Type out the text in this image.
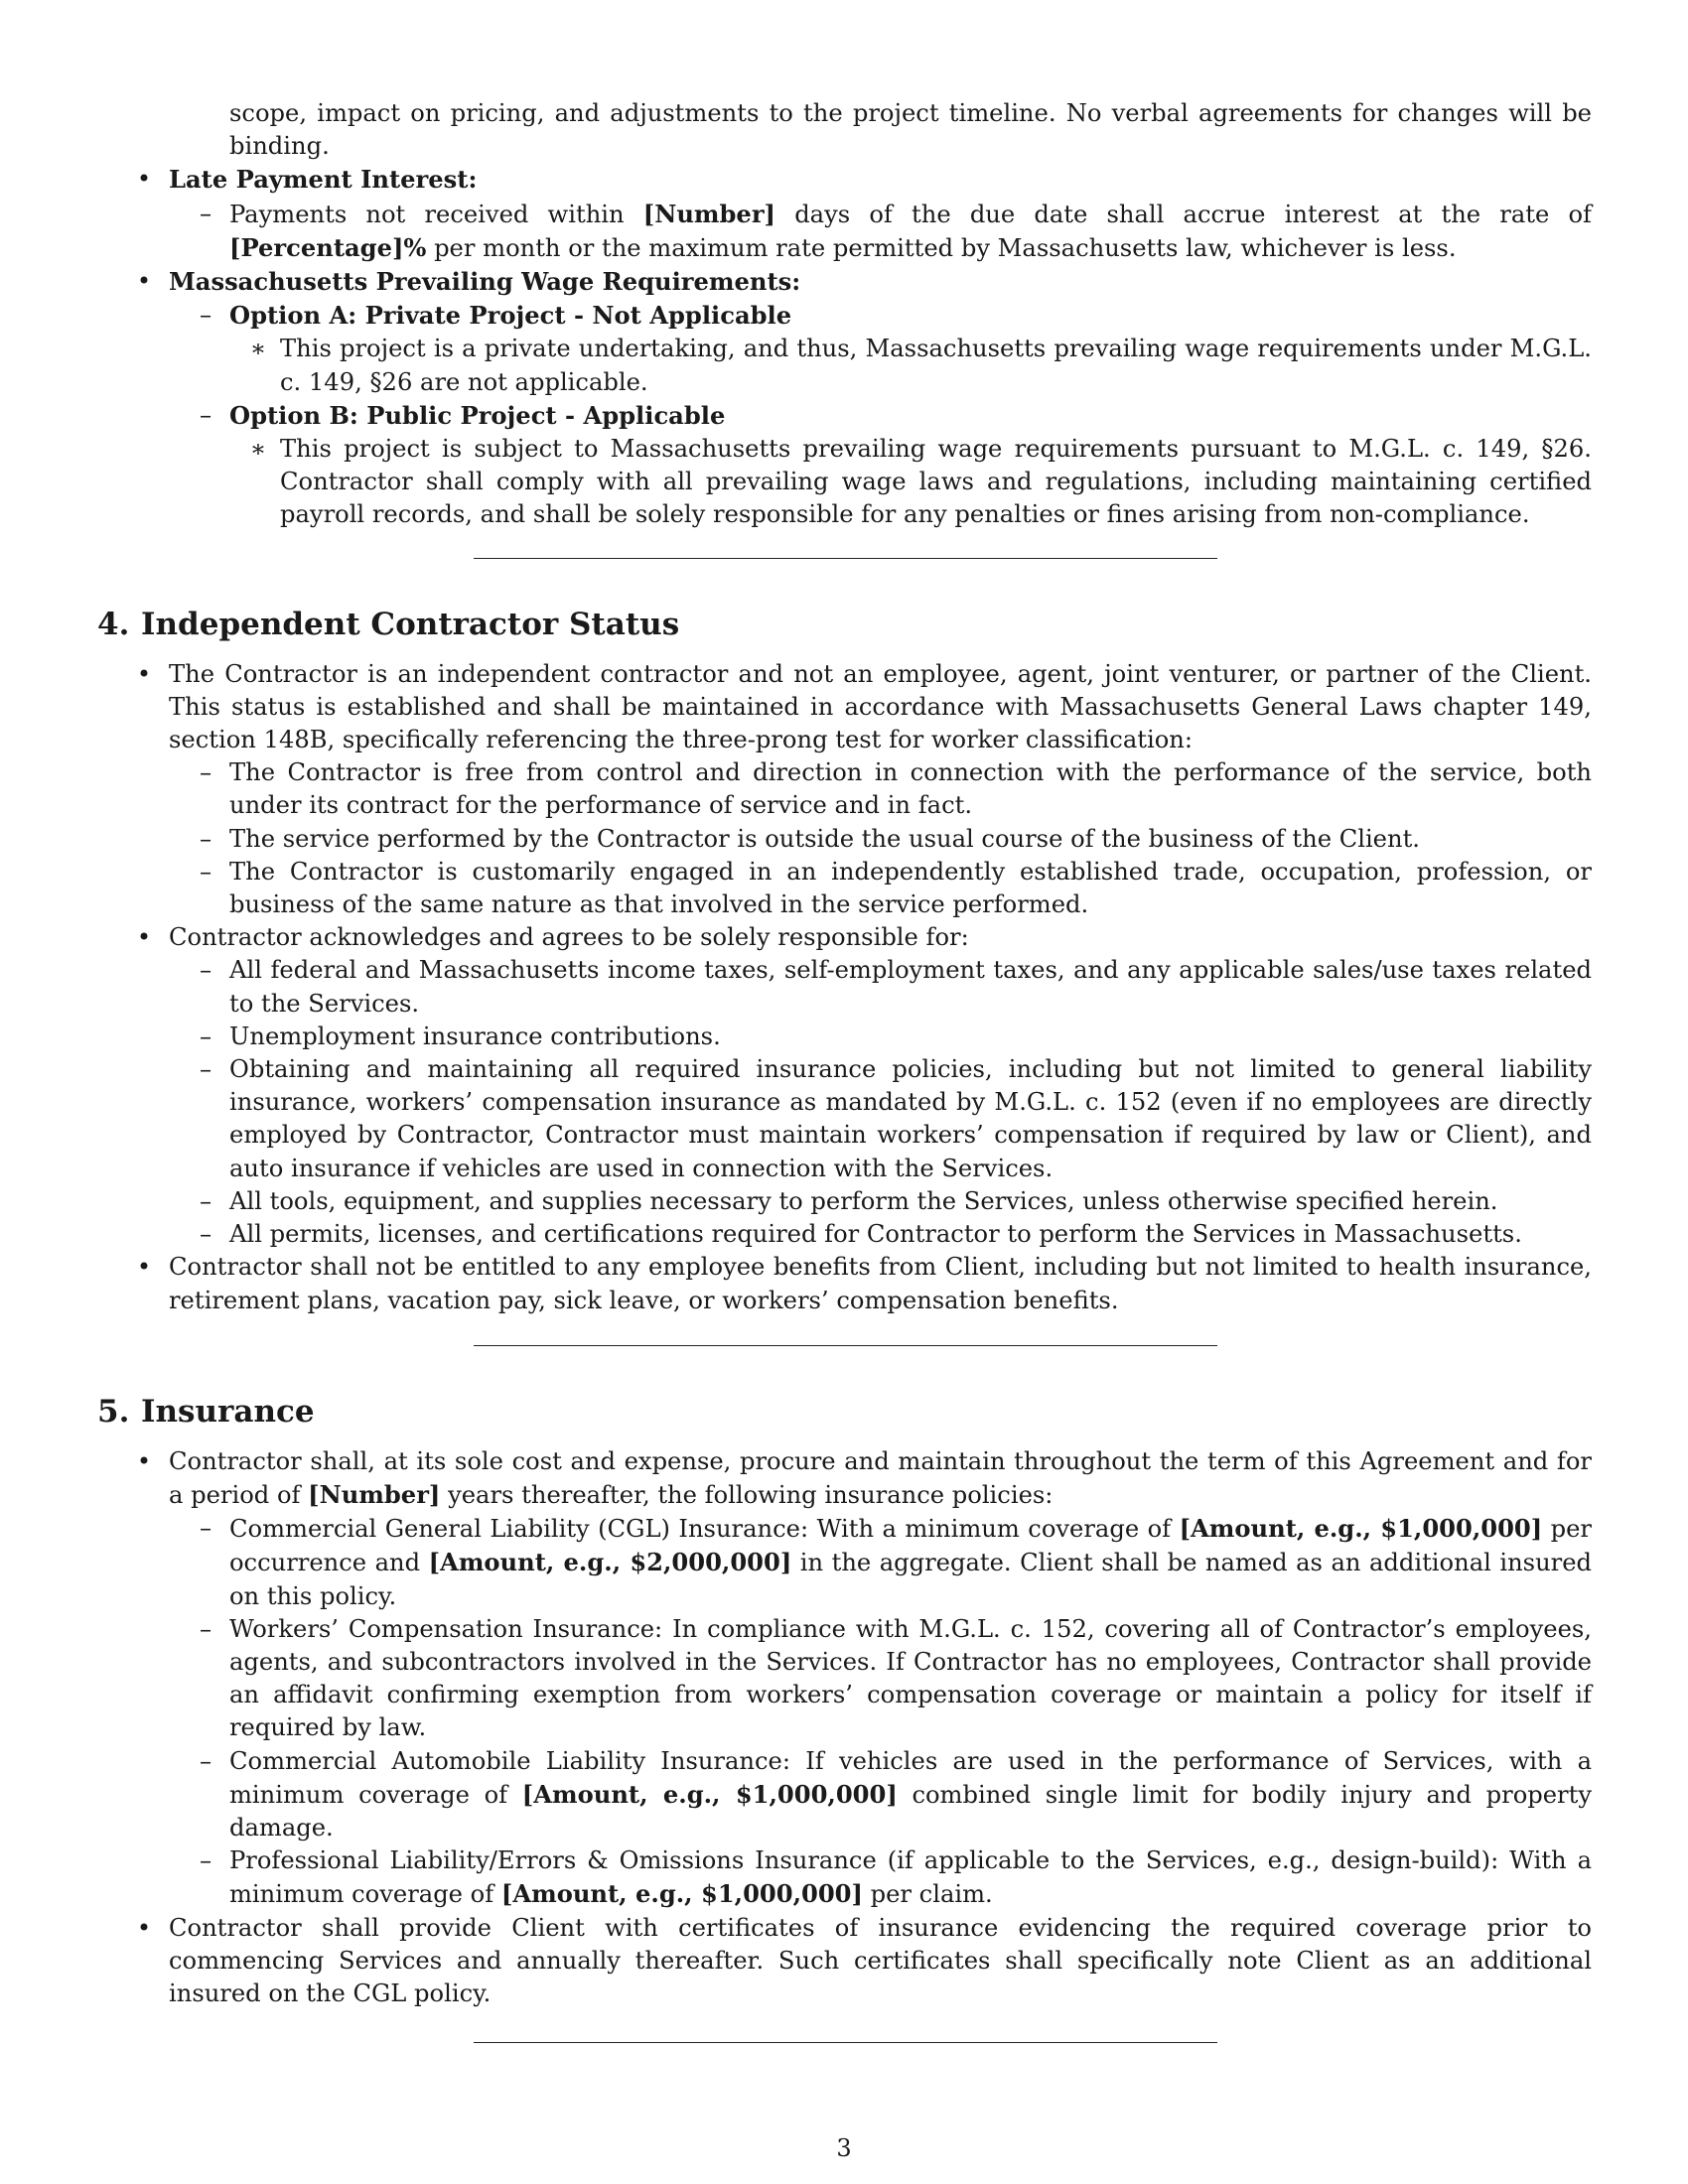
scope, impact on pricing, and adjustments to the project timeline. No verbal agreements for changes will be binding.
• Late Payment Interest:
– Payments not received within [Number] days of the due date shall accrue interest at the rate of [Percentage]% per month or the maximum rate permitted by Massachusetts law, whichever is less.
• Massachusetts Prevailing Wage Requirements:
– Option A: Private Project - Not Applicable
∗ This project is a private undertaking, and thus, Massachusetts prevailing wage requirements under M.G.L. c. 149, §26 are not applicable.
– Option B: Public Project - Applicable
∗ This project is subject to Massachusetts prevailing wage requirements pursuant to M.G.L. c. 149, §26. Contractor shall comply with all prevailing wage laws and regulations, including maintaining certified payroll records, and shall be solely responsible for any penalties or fines arising from non-compliance.
4. Independent Contractor Status
• The Contractor is an independent contractor and not an employee, agent, joint venturer, or partner of the Client. This status is established and shall be maintained in accordance with Massachusetts General Laws chapter 149, section 148B, specifically referencing the three-prong test for worker classification:
– The Contractor is free from control and direction in connection with the performance of the service, both under its contract for the performance of service and in fact.
– The service performed by the Contractor is outside the usual course of the business of the Client.
– The Contractor is customarily engaged in an independently established trade, occupation, profession, or business of the same nature as that involved in the service performed.
• Contractor acknowledges and agrees to be solely responsible for:
– All federal and Massachusetts income taxes, self-employment taxes, and any applicable sales/use taxes related to the Services.
– Unemployment insurance contributions.
– Obtaining and maintaining all required insurance policies, including but not limited to general liability insurance, workers’ compensation insurance as mandated by M.G.L. c. 152 (even if no employees are directly employed by Contractor, Contractor must maintain workers’ compensation if required by law or Client), and auto insurance if vehicles are used in connection with the Services.
– All tools, equipment, and supplies necessary to perform the Services, unless otherwise specified herein.
– All permits, licenses, and certifications required for Contractor to perform the Services in Massachusetts.
• Contractor shall not be entitled to any employee benefits from Client, including but not limited to health insurance, retirement plans, vacation pay, sick leave, or workers’ compensation benefits.
5. Insurance
• Contractor shall, at its sole cost and expense, procure and maintain throughout the term of this Agreement and for a period of [Number] years thereafter, the following insurance policies:
– Commercial General Liability (CGL) Insurance: With a minimum coverage of [Amount, e.g., $1,000,000] per occurrence and [Amount, e.g., $2,000,000] in the aggregate. Client shall be named as an additional insured on this policy.
– Workers’ Compensation Insurance: In compliance with M.G.L. c. 152, covering all of Contractor’s employees, agents, and subcontractors involved in the Services. If Contractor has no employees, Contractor shall provide an affidavit confirming exemption from workers’ compensation coverage or maintain a policy for itself if required by law.
– Commercial Automobile Liability Insurance: If vehicles are used in the performance of Services, with a minimum coverage of [Amount, e.g., $1,000,000] combined single limit for bodily injury and property damage.
– Professional Liability/Errors & Omissions Insurance (if applicable to the Services, e.g., design-build): With a minimum coverage of [Amount, e.g., $1,000,000] per claim.
• Contractor shall provide Client with certificates of insurance evidencing the required coverage prior to commencing Services and annually thereafter. Such certificates shall specifically note Client as an additional insured on the CGL policy.
3
